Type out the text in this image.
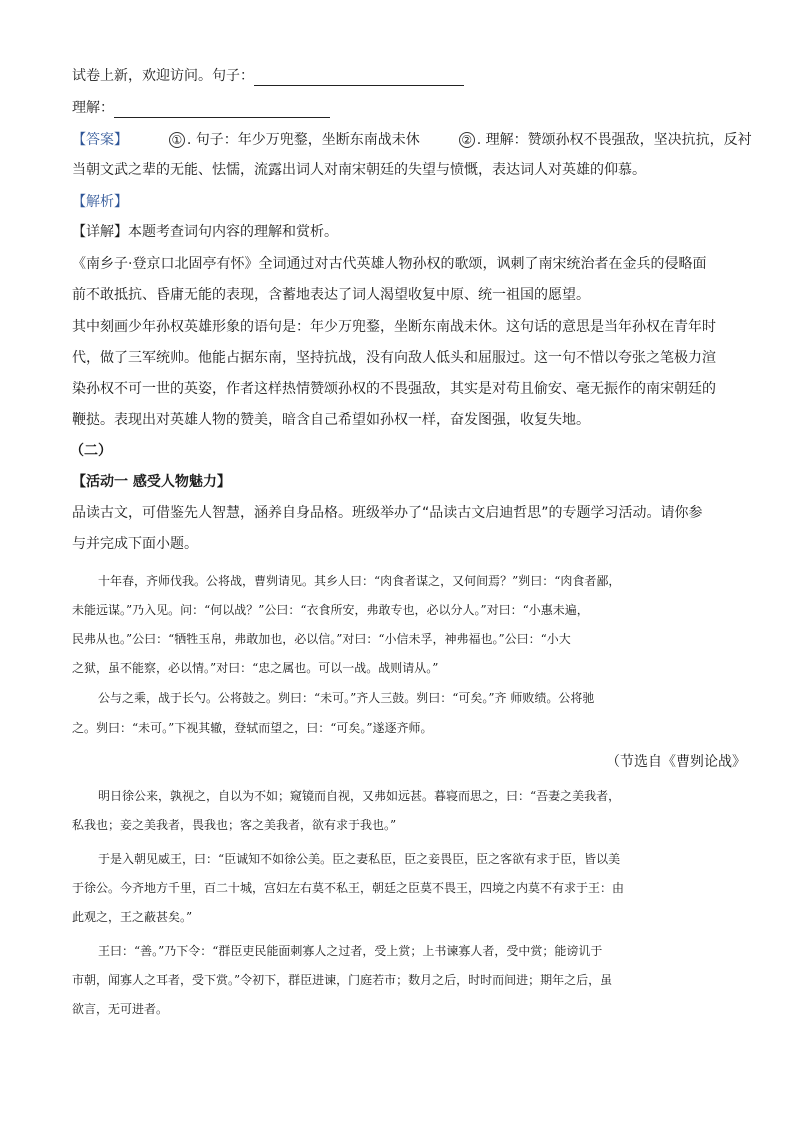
试卷上新，欢迎访问。句子：
理解：
【答案】	① . 句子：年少万兜鍪，坐断东南战未休	② . 理解：赞颂孙权不畏强敌，坚决抗抗，反衬
当朝文武之辈的无能、怯懦，流露出词人对南宋朝廷的失望与愤慨，表达词人对英雄的仰慕。
【解析】
【详解】本题考查词句内容的理解和赏析。
《南乡子·登京口北固亭有怀》全词通过对古代英雄人物孙权的歌颂，讽刺了南宋统治者在金兵的侵略面
前不敢抵抗、昏庸无能的表现，含蓄地表达了词人渴望收复中原、统一祖国的愿望。
其中刻画少年孙权英雄形象的语句是：年少万兜鍪，坐断东南战未休。这句话的意思是当年孙权在青年时
代，做了三军统帅。他能占据东南，坚持抗战，没有向敌人低头和屈服过。这一句不惜以夸张之笔极力渲
染孙权不可一世的英姿，作者这样热情赞颂孙权的不畏强敌，其实是对苟且偷安、毫无振作的南宋朝廷的
鞭挞。表现出对英雄人物的赞美，暗含自己希望如孙权一样，奋发图强，收复失地。
（二）
【活动一 感受人物魅力】
品读古文，可借鉴先人智慧，涵养自身品格。班级举办了“品读古文启迪哲思”的专题学习活动。请你参
与并完成下面小题。
十年春，齐师伐我。公将战，曹刿请见。其乡人曰：“肉食者谋之，又何间焉？”刿曰：“肉食者鄙，
未能远谋。”乃入见。问：“何以战？”公曰：“衣食所安，弗敢专也，必以分人。”对曰：“小惠未遍，
民弗从也。”公曰：“牺牲玉帛，弗敢加也，必以信。”对曰：“小信未孚，神弗福也。”公曰：“小大
之狱，虽不能察，必以情。”对曰：“忠之属也。可以一战。战则请从。”
公与之乘，战于长勺。公将鼓之。刿曰：“未可。”齐人三鼓。刿曰：“可矣。”齐 师败绩。公将驰
之。刿曰：“未可。”下视其辙，登轼而望之，曰：“可矣。”遂逐齐师。
（节选自《曹刿论战》
明日徐公来，孰视之，自以为不如；窥镜而自视，又弗如远甚。暮寝而思之，曰：“吾妻之美我者，
私我也；妾之美我者，畏我也；客之美我者，欲有求于我也。”
于是入朝见威王，曰：“臣诚知不如徐公美。臣之妻私臣，臣之妾畏臣，臣之客欲有求于臣，皆以美
于徐公。今齐地方千里，百二十城，宫妇左右莫不私王，朝廷之臣莫不畏王，四境之内莫不有求于王：由
此观之，王之蔽甚矣。”
王曰：“善。”乃下令：“群臣吏民能面刺寡人之过者，受上赏；上书谏寡人者，受中赏；能谤讥于
市朝，闻寡人之耳者，受下赏。”令初下，群臣进谏，门庭若市；数月之后，时时而间进；期年之后，虽
欲言，无可进者。
